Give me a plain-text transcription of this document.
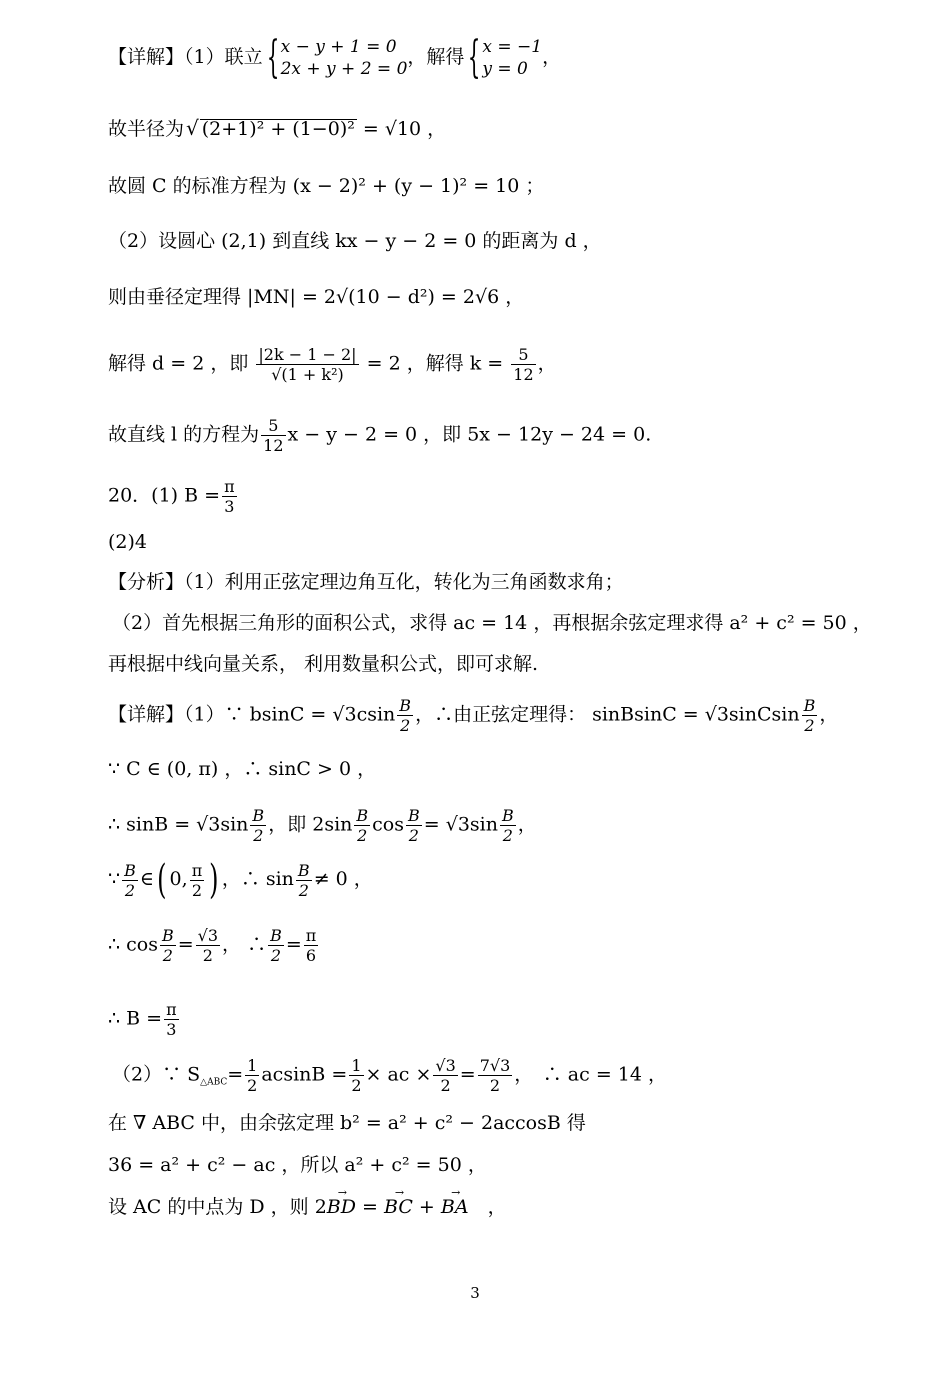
【详解】（1）联立{ x − y + 1 = 0
2x + y + 2 = 0
，解得{ x = −1
y = 0
，
故半径为 √ (2+1)² + (1−0)² = √10 ，
故圆 C 的标准方程为 (x − 2)² + (y − 1)² = 10 ；
（2）设圆心 (2,1) 到直线 kx − y − 2 = 0 的距离为 d ，
则由垂径定理得 |MN| = 2√(10 − d²) = 2√6 ，
解得 d = 2 ，即 $\frac{|2k - 1 - 2|}{\text{√(1 + k²)}} = 2$ ，解得 $k = \frac{5}{12}$ ，
故直线 l 的方程为 $\frac{5}{12}$ x − y − 2 = 0 ，即 5x − 12y − 24 = 0.
20．(1) $B = \frac{\pi}{3}$
(2)4
【分析】（1）利用正弦定理边角互化，转化为三角函数求角；
（2）首先根据三角形的面积公式，求得 ac = 14 ，再根据余弦定理求得 a² + c² = 50 ，
再根据中线向量关系， 利用数量积公式，即可求解.
【详解】（1）∵ $bsinC = √3csin \frac{B}{2}$ ，∴由正弦定理得： sinBsinC = √3sinCsin $\frac{B}{2}$ ，
∵ C ∈ (0, π) ，∴ sinC > 0 ，
∴ $\sin B = √3\sin \frac{B}{2}$ ，即 $2\sin \frac{B}{2}$ $\cos \frac{B}{2} = √3\sin \frac{B}{2}$ ，
∵ $\frac{B}{2}$ ∈( 0, $\frac{\pi}{2}$ ) ，∴ $\sin \frac{B}{2} \ne 0$ ，
∴ $\cos \frac{B}{2} = \frac{√3}{2}$ ， ∴ $\frac{B}{2} = \frac{\pi}{6}$
∴ $B = \frac{\pi}{3}$
（2）∵ $S_{\triangle ABC}= \frac{1}{2}$ $acsinB = \frac{1}{2}$ × ac × $\frac{√3}{2} = \frac{7√3}{2}$ ，　∴ ac = 14 ，
在 ∇ ABC 中，由余弦定理 b² = a² + c² − 2accosB 得
36 = a² + c² − ac ，所以 a² + c² = 50 ，
设 AC 的中点为 D ，则 2→ BD = → BC + → BA　，
3
